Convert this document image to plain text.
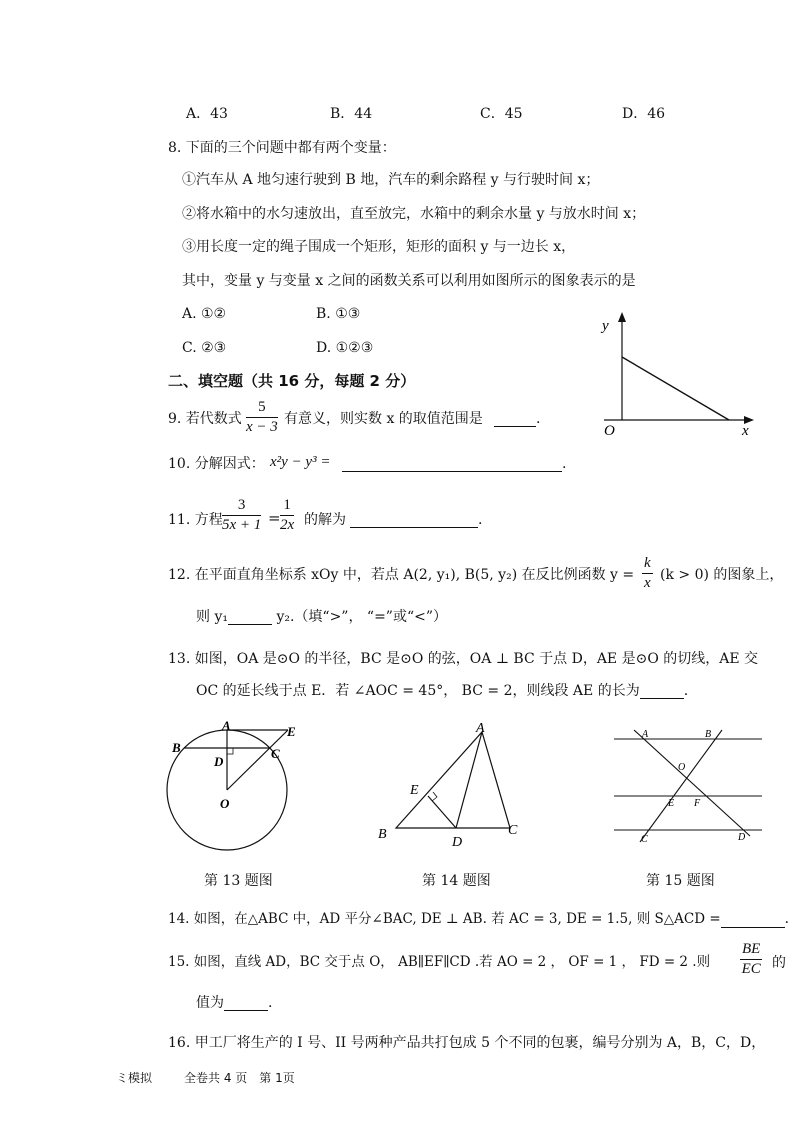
A．43	B．44	C．45	D．46
8. 下面的三个问题中都有两个变量：
①汽车从 A 地匀速行驶到 B 地，汽车的剩余路程 y 与行驶时间 x；
②将水箱中的水匀速放出，直至放完，水箱中的剩余水量 y 与放水时间 x；
③用长度一定的绳子围成一个矩形，矩形的面积 y 与一边长 x，
其中，变量 y 与变量 x 之间的函数关系可以利用如图所示的图象表示的是
A. ①②	B. ①③
C. ②③	D. ①②③
y
x
O
二、填空题（共 16 分，每题 2 分）
9. 若代数式 $\frac{5}{x - 3}$ 有意义，则实数 x 的取值范围是	.
10. 分解因式： x²y − y³ =	.
11. 方程 $\frac{3}{5x + 1} = \frac{1}{2x}$ 的解为	.
12. 在平面直角坐标系 xOy 中，若点 A(2, y₁), B(5, y₂) 在反比例函数 $y = \frac{k}{x} (k > 0)$ 的图象上，
则 y₁	y₂.（填“>”， “=”或“<”）
13. 如图，OA 是⊙O 的半径，BC 是⊙O 的弦，OA ⊥ BC 于点 D，AE 是⊙O 的切线，AE 交
OC 的延长线于点 E．若 ∠AOC = 45°， BC = 2，则线段 AE 的长为	.
A
B	C
D
E
O
第 13 题图
A
B	C
D
E
第 14 题图
A	B
O
E F
C	D
第 15 题图
14. 如图，在△ABC 中，AD 平分∠BAC, DE ⊥ AB. 若 AC = 3, DE = 1.5, 则 S△ACD =	.
15. 如图，直线 AD，BC 交于点 O， AB∥EF∥CD .若 AO = 2 ， OF = 1 ， FD = 2 .则 $\frac{BE}{EC}$ 的
值为	.
16. 甲工厂将生产的 I 号、II 号两种产品共打包成 5 个不同的包裹，编号分别为 A，B，C，D，
ミ模拟	全卷共 4 页　第 1页
